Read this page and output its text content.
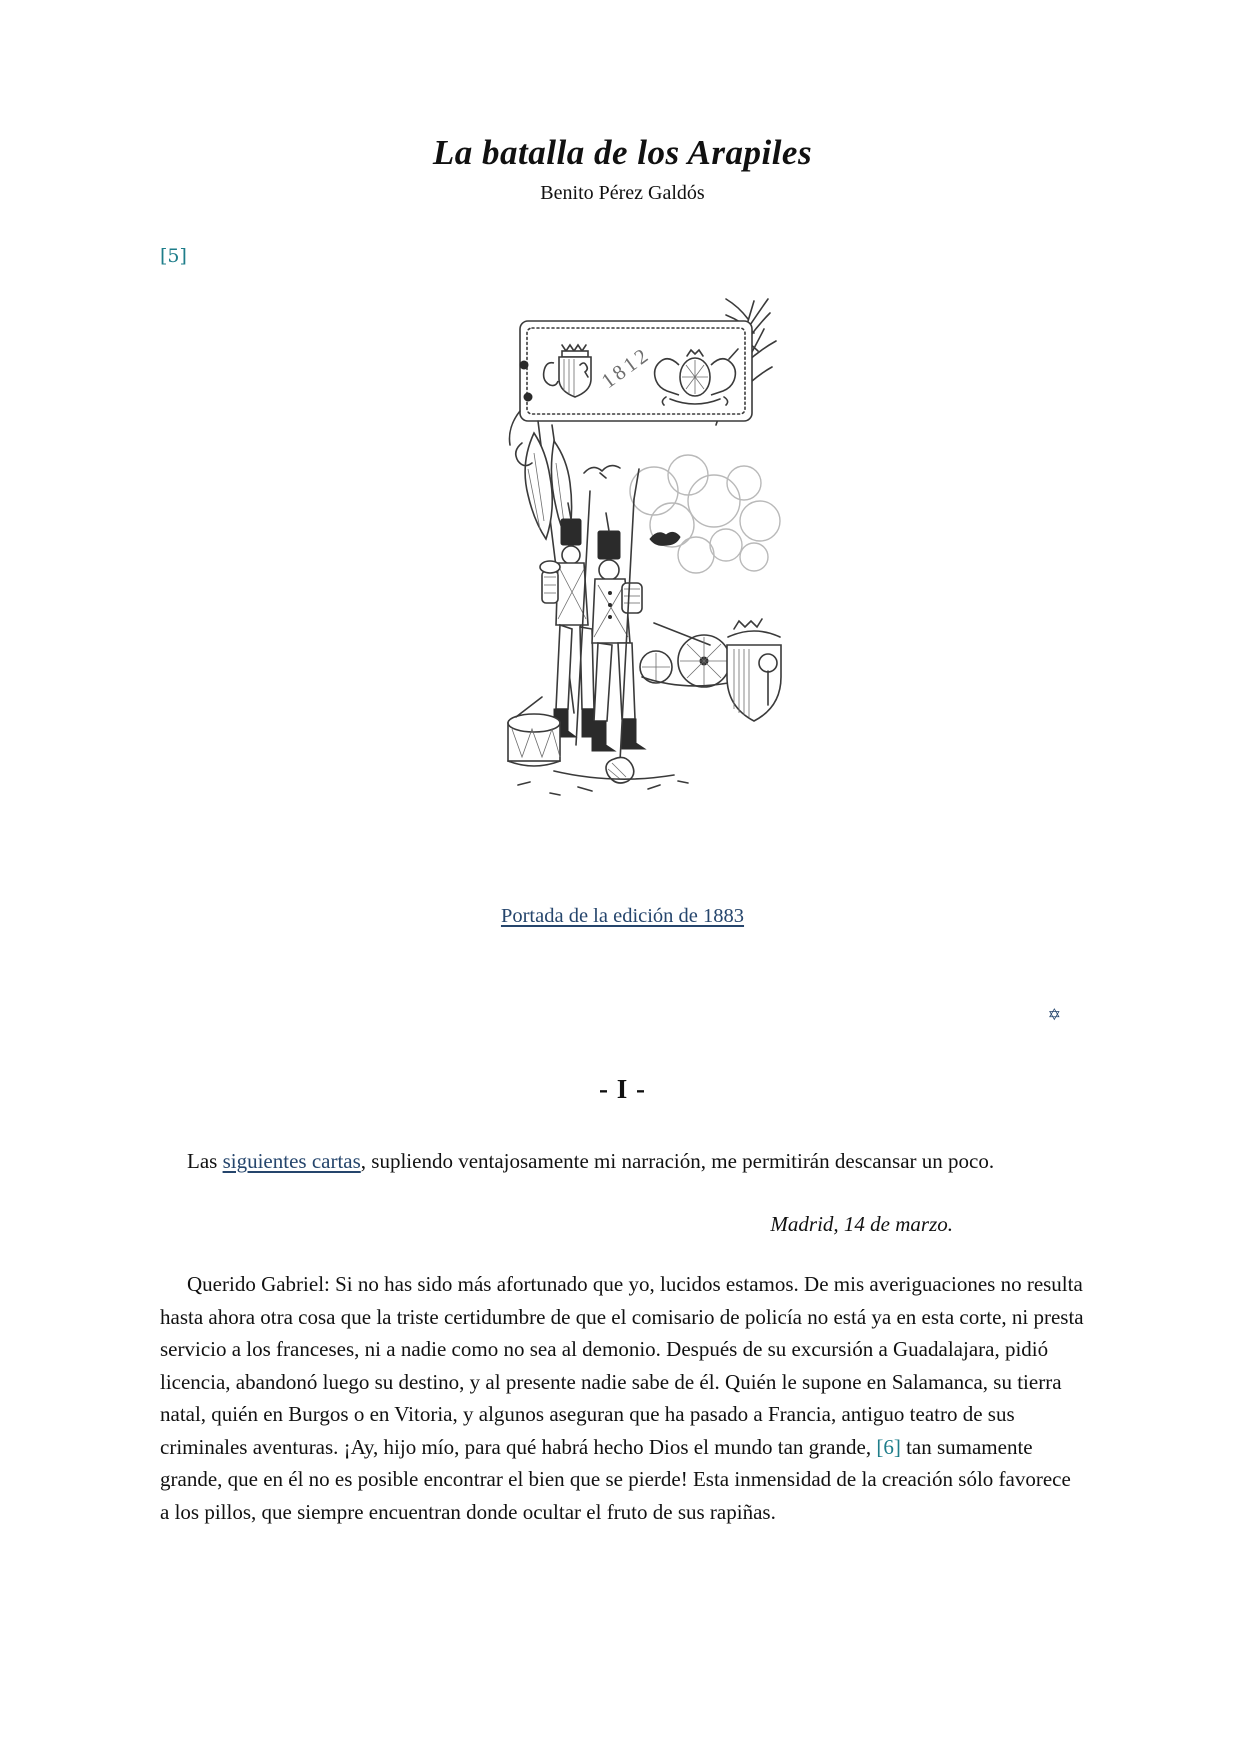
La batalla de los Arapiles
Benito Pérez Galdós
[5]
1812
Portada de la edición de 1883
✡
- I -

Las siguientes cartas, supliendo ventajosamente mi narración, me permitirán descansar un poco.

Madrid, 14 de marzo.

Querido Gabriel: Si no has sido más afortunado que yo, lucidos estamos. De mis averiguaciones no resulta hasta ahora otra cosa que la triste certidumbre de que el comisario de policía no está ya en esta corte, ni presta servicio a los franceses, ni a nadie como no sea al demonio. Después de su excursión a Guadalajara, pidió licencia, abandonó luego su destino, y al presente nadie sabe de él. Quién le supone en Salamanca, su tierra natal, quién en Burgos o en Vitoria, y algunos aseguran que ha pasado a Francia, antiguo teatro de sus criminales aventuras. ¡Ay, hijo mío, para qué habrá hecho Dios el mundo tan grande, [6] tan sumamente grande, que en él no es posible encontrar el bien que se pierde! Esta inmensidad de la creación sólo favorece a los pillos, que siempre encuentran donde ocultar el fruto de sus rapiñas.
